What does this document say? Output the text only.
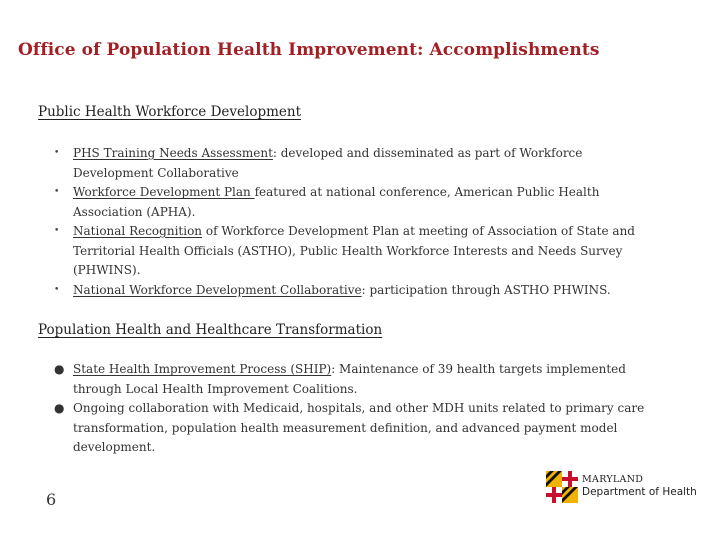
Office of Population Health Improvement: Accomplishments
Public Health Workforce Development
• PHS Training Needs Assessment: developed and disseminated as part of Workforce Development Collaborative
• Workforce Development Plan featured at national conference, American Public Health Association (APHA).
• National Recognition of Workforce Development Plan at meeting of Association of State and Territorial Health Officials (ASTHO), Public Health Workforce Interests and Needs Survey (PHWINS).
• National Workforce Development Collaborative: participation through ASTHO PHWINS.
Population Health and Healthcare Transformation
● State Health Improvement Process (SHIP): Maintenance of 39 health targets implemented through Local Health Improvement Coalitions.
● Ongoing collaboration with Medicaid, hospitals, and other MDH units related to primary care transformation, population health measurement definition, and advanced payment model development.
6
MARYLAND
Department of Health
